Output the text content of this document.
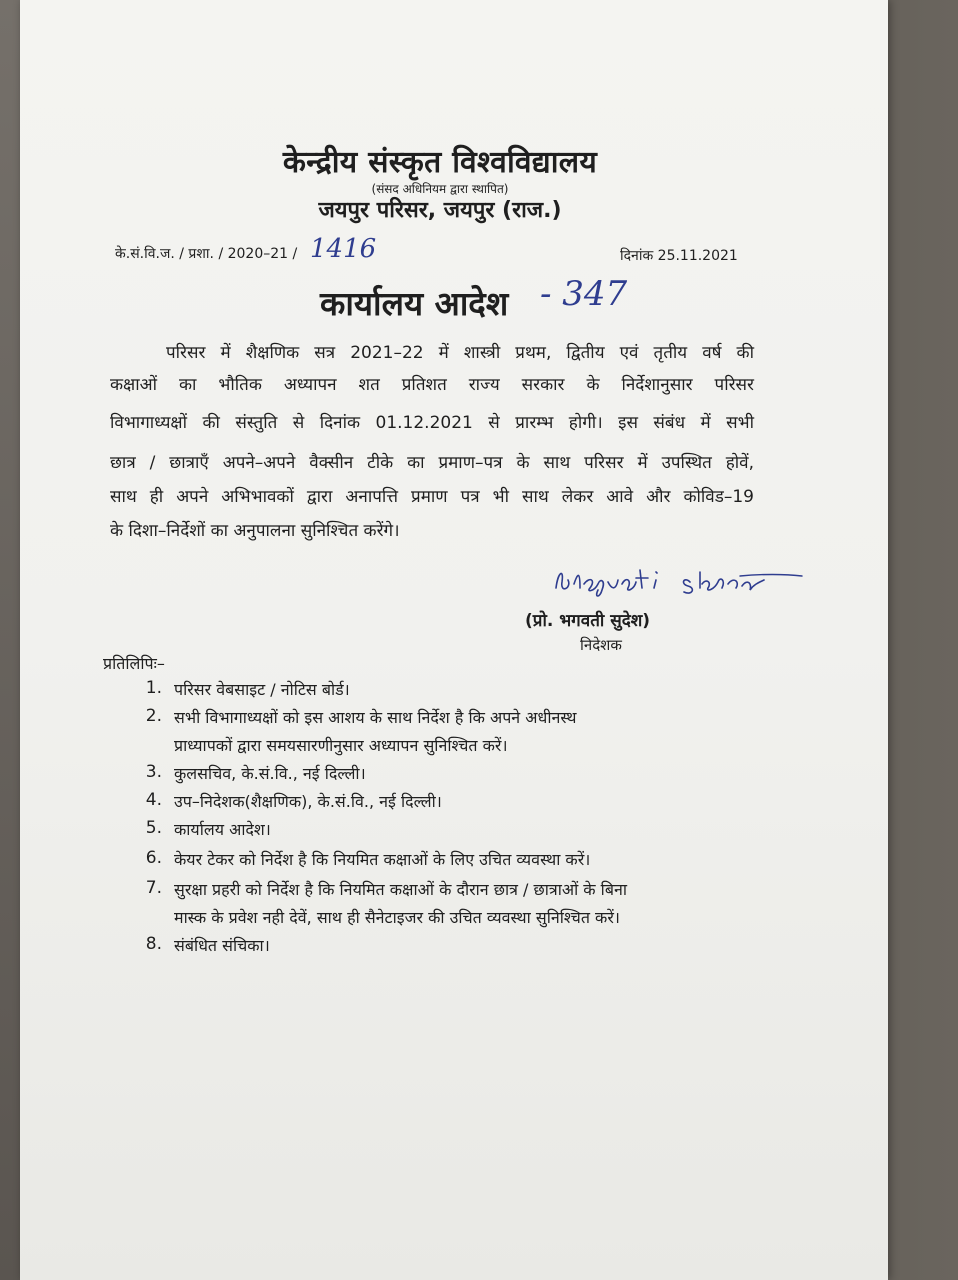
केन्द्रीय संस्कृत विश्वविद्यालय
(संसद अधिनियम द्वारा स्थापित)
जयपुर परिसर, जयपुर (राज.)
के.सं.वि.ज. / प्रशा. / 2020–21 / 1416	दिनांक 25.11.2021
कार्यालय आदेश - 347
परिसर में शैक्षणिक सत्र 2021–22 में शास्त्री प्रथम, द्वितीय एवं तृतीय वर्ष की
कक्षाओं का भौतिक अध्यापन शत प्रतिशत राज्य सरकार के निर्देशानुसार परिसर
विभागाध्यक्षों की संस्तुति से दिनांक 01.12.2021 से प्रारम्भ होगी। इस संबंध में सभी
छात्र / छात्राएँ अपने–अपने वैक्सीन टीके का प्रमाण–पत्र के साथ परिसर में उपस्थित होवें,
साथ ही अपने अभिभावकों द्वारा अनापत्ति प्रमाण पत्र भी साथ लेकर आवे और कोविड–19
के दिशा–निर्देशों का अनुपालना सुनिश्चित करेंगे।
(प्रो. भगवती सुदेश)
निदेशक
प्रतिलिपिः–
1. परिसर वेबसाइट / नोटिस बोर्ड।
2. सभी विभागाध्यक्षों को इस आशय के साथ निर्देश है कि अपने अधीनस्थ
प्राध्यापकों द्वारा समयसारणीनुसार अध्यापन सुनिश्चित करें।
3. कुलसचिव, के.सं.वि., नई दिल्ली।
4. उप–निदेशक(शैक्षणिक), के.सं.वि., नई दिल्ली।
5. कार्यालय आदेश।
6. केयर टेकर को निर्देश है कि नियमित कक्षाओं के लिए उचित व्यवस्था करें।
7. सुरक्षा प्रहरी को निर्देश है कि नियमित कक्षाओं के दौरान छात्र / छात्राओं के बिना
मास्क के प्रवेश नही देवें, साथ ही सैनेटाइजर की उचित व्यवस्था सुनिश्चित करें।
8. संबंधित संचिका।
